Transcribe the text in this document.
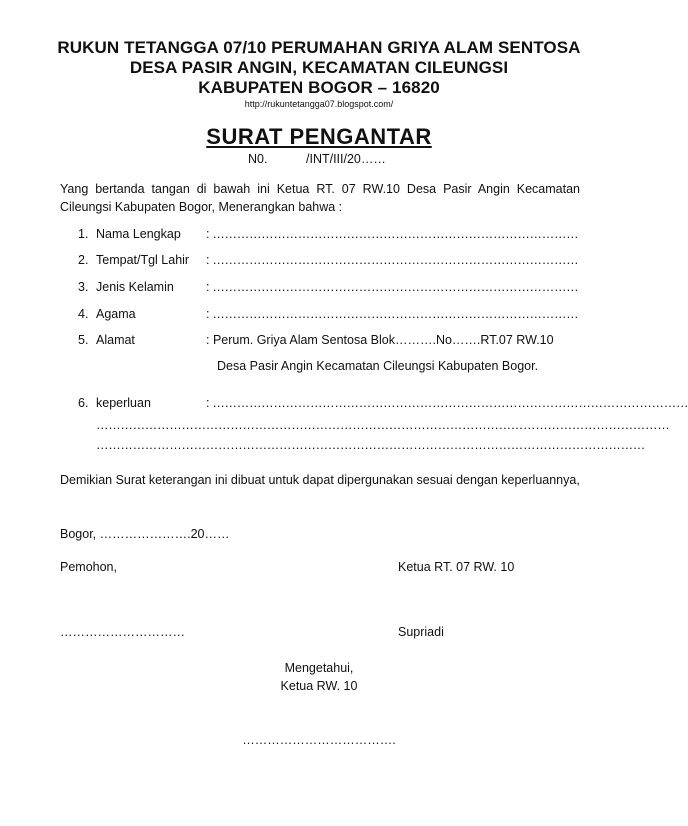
RUKUN TETANGGA 07/10 PERUMAHAN GRIYA ALAM SENTOSA
DESA PASIR ANGIN, KECAMATAN CILEUNGSI
KABUPATEN BOGOR – 16820
http://rukuntetangga07.blogspot.com/
SURAT PENGANTAR
N0.	/INT/III/20……
Yang bertanda tangan di bawah ini Ketua RT. 07 RW.10 Desa Pasir Angin Kecamatan Cileungsi Kabupaten Bogor, Menerangkan bahwa :
1. Nama Lengkap : ………………………………………………………………………………
2. Tempat/Tgl Lahir : ………………………………………………………………………………
3. Jenis Kelamin	: ………………………………………………………………………………
4. Agama	: ………………………………………………………………………………
5. Alamat	: Perum. Griya Alam Sentosa Blok……….No…….RT.07 RW.10
Desa Pasir Angin Kecamatan Cileungsi Kabupaten Bogor.
6. keperluan	: ………………………………………………………………………………………………………
……………………………………………………………………………………………………………………………
………………………………………………………………………………………………………………………
Demikian Surat keterangan ini dibuat untuk dapat dipergunakan sesuai dengan keperluannya,
Bogor, ………………….20……
Pemohon,	Ketua RT. 07 RW. 10
…………………………	Supriadi
Mengetahui,
Ketua RW. 10
……………………………….
